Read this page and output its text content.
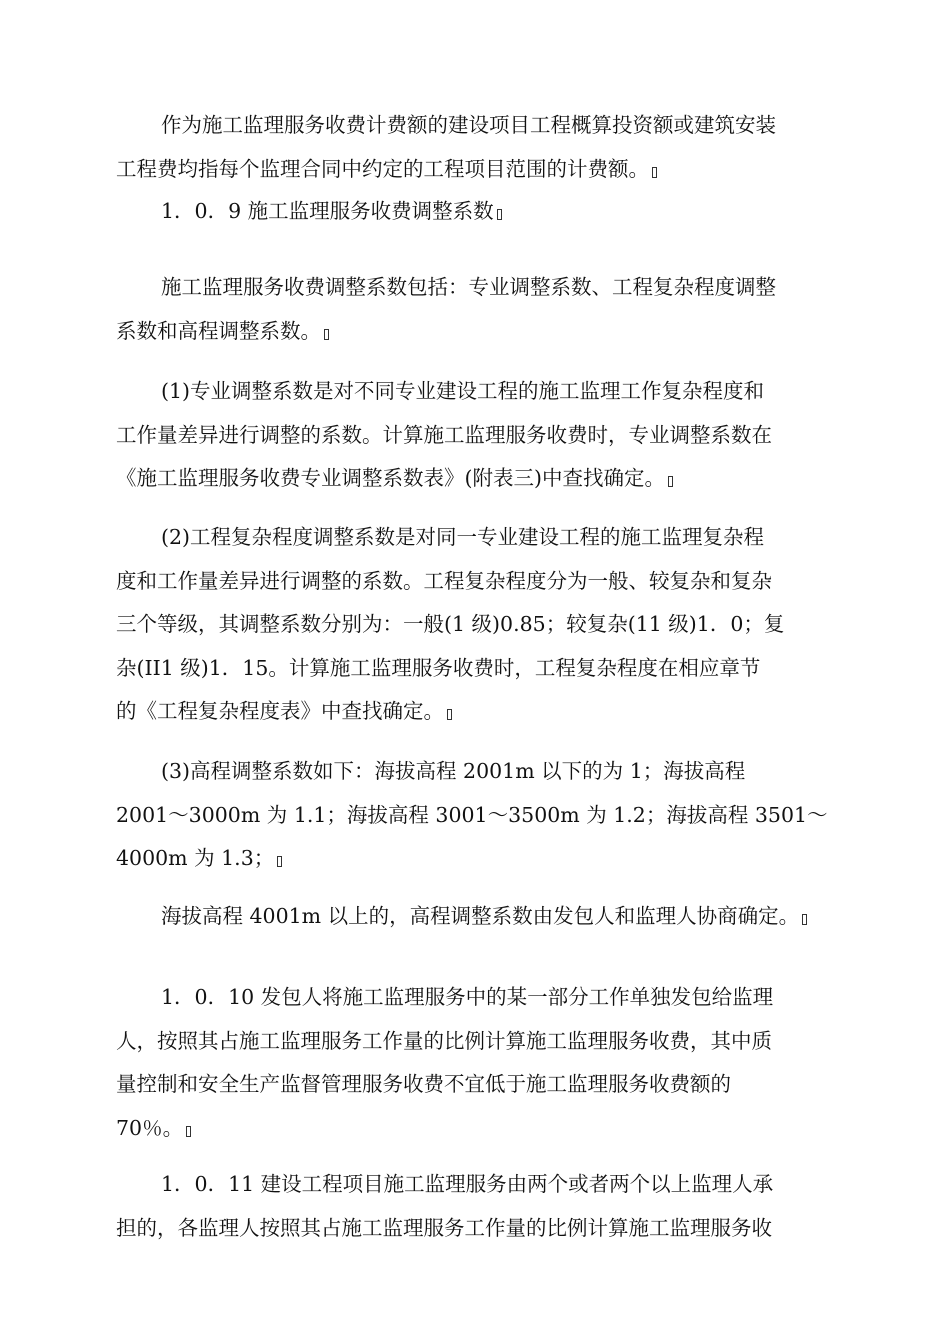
作为施工监理服务收费计费额的建设项目工程概算投资额或建筑安装
工程费均指每个监理合同中约定的工程项目范围的计费额。

1．0．9 施工监理服务收费调整系数

施工监理服务收费调整系数包括：专业调整系数、工程复杂程度调整
系数和高程调整系数。

(1)专业调整系数是对不同专业建设工程的施工监理工作复杂程度和
工作量差异进行调整的系数。计算施工监理服务收费时，专业调整系数在
《施工监理服务收费专业调整系数表》(附表三)中查找确定。

(2)工程复杂程度调整系数是对同一专业建设工程的施工监理复杂程
度和工作量差异进行调整的系数。工程复杂程度分为一般、较复杂和复杂
三个等级，其调整系数分别为：一般(1 级)0.85；较复杂(11 级)1．0；复
杂(II1 级)1．15。计算施工监理服务收费时，工程复杂程度在相应章节
的《工程复杂程度表》中查找确定。

(3)高程调整系数如下：海拔高程 2001m 以下的为 1；海拔高程
2001～3000m 为 1.1；海拔高程 3001～3500m 为 1.2；海拔高程 3501～
4000m 为 1.3；

海拔高程 4001m 以上的，高程调整系数由发包人和监理人协商确定。

1．0．10 发包人将施工监理服务中的某一部分工作单独发包给监理
人，按照其占施工监理服务工作量的比例计算施工监理服务收费，其中质
量控制和安全生产监督管理服务收费不宜低于施工监理服务收费额的
70％。

1．0．11 建设工程项目施工监理服务由两个或者两个以上监理人承
担的，各监理人按照其占施工监理服务工作量的比例计算施工监理服务收
